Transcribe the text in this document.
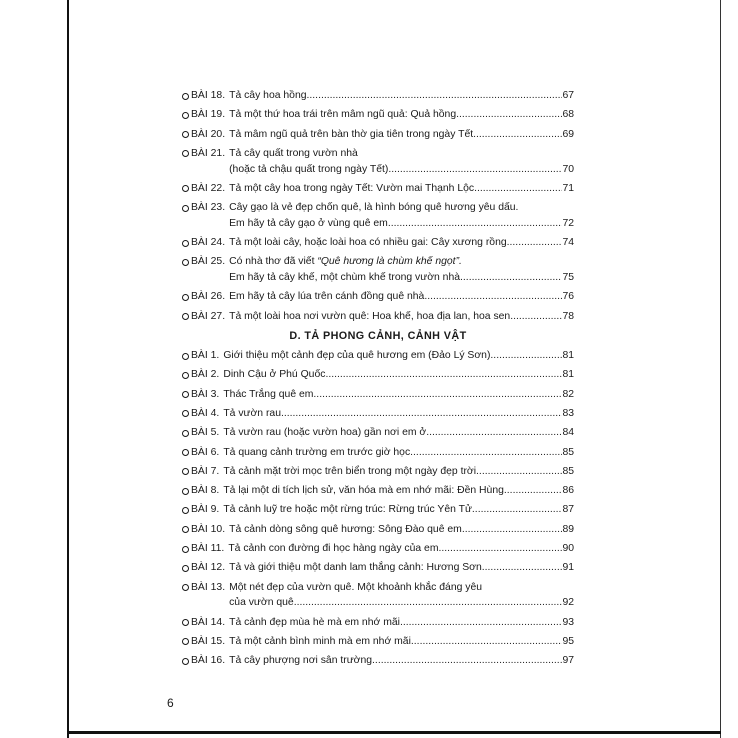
BÀI 18. Tả cây hoa hồng .....	67
BÀI 19. Tả một thứ hoa trái trên mâm ngũ quả: Quả hồng .....	68
BÀI 20. Tả mâm ngũ quả trên bàn thờ gia tiên trong ngày Tết .....	69
BÀI 21. Tả cây quất trong vườn nhà
(hoặc tả chậu quất trong ngày Tết) .....	70
BÀI 22. Tả một cây hoa trong ngày Tết: Vườn mai Thạnh Lộc .....	71
BÀI 23. Cây gạo là vẻ đẹp chốn quê, là hình bóng quê hương yêu dấu.
Em hãy tả cây gạo ở vùng quê em .....	72
BÀI 24. Tả một loài cây, hoặc loài hoa có nhiều gai: Cây xương rồng .....	74
BÀI 25. Có nhà thơ đã viết “Quê hương là chùm khế ngọt”.
Em hãy tả cây khế, một chùm khế trong vườn nhà .....	75
BÀI 26. Em hãy tả cây lúa trên cánh đồng quê nhà .....	76
BÀI 27. Tả một loài hoa nơi vườn quê: Hoa khế, hoa địa lan, hoa sen .....	78
D. TẢ PHONG CẢNH, CẢNH VẬT
BÀI 1. Giới thiệu một cảnh đẹp của quê hương em (Đảo Lý Sơn) .....	81
BÀI 2. Dinh Cậu ở Phú Quốc .....	81
BÀI 3. Thác Trắng quê em .....	82
BÀI 4. Tả vườn rau .....	83
BÀI 5. Tả vườn rau (hoặc vườn hoa) gần nơi em ở .....	84
BÀI 6. Tả quang cảnh trường em trước giờ học .....	85
BÀI 7. Tả cảnh mặt trời mọc trên biển trong một ngày đẹp trời .....	85
BÀI 8. Tả lại một di tích lịch sử, văn hóa mà em nhớ mãi: Đền Hùng .....	86
BÀI 9. Tả cảnh luỹ tre hoặc một rừng trúc: Rừng trúc Yên Tử .....	87
BÀI 10. Tả cảnh dòng sông quê hương: Sông Đào quê em .....	89
BÀI 11. Tả cảnh con đường đi học hàng ngày của em .....	90
BÀI 12. Tả và giới thiệu một danh lam thắng cảnh: Hương Sơn .....	91
BÀI 13. Một nét đẹp của vườn quê. Một khoảnh khắc đáng yêu
của vườn quê .....	92
BÀI 14. Tả cảnh đẹp mùa hè mà em nhớ mãi .....	93
BÀI 15. Tả một cảnh bình minh mà em nhớ mãi .....	95
BÀI 16. Tả cây phượng nơi sân trường .....	97
6
